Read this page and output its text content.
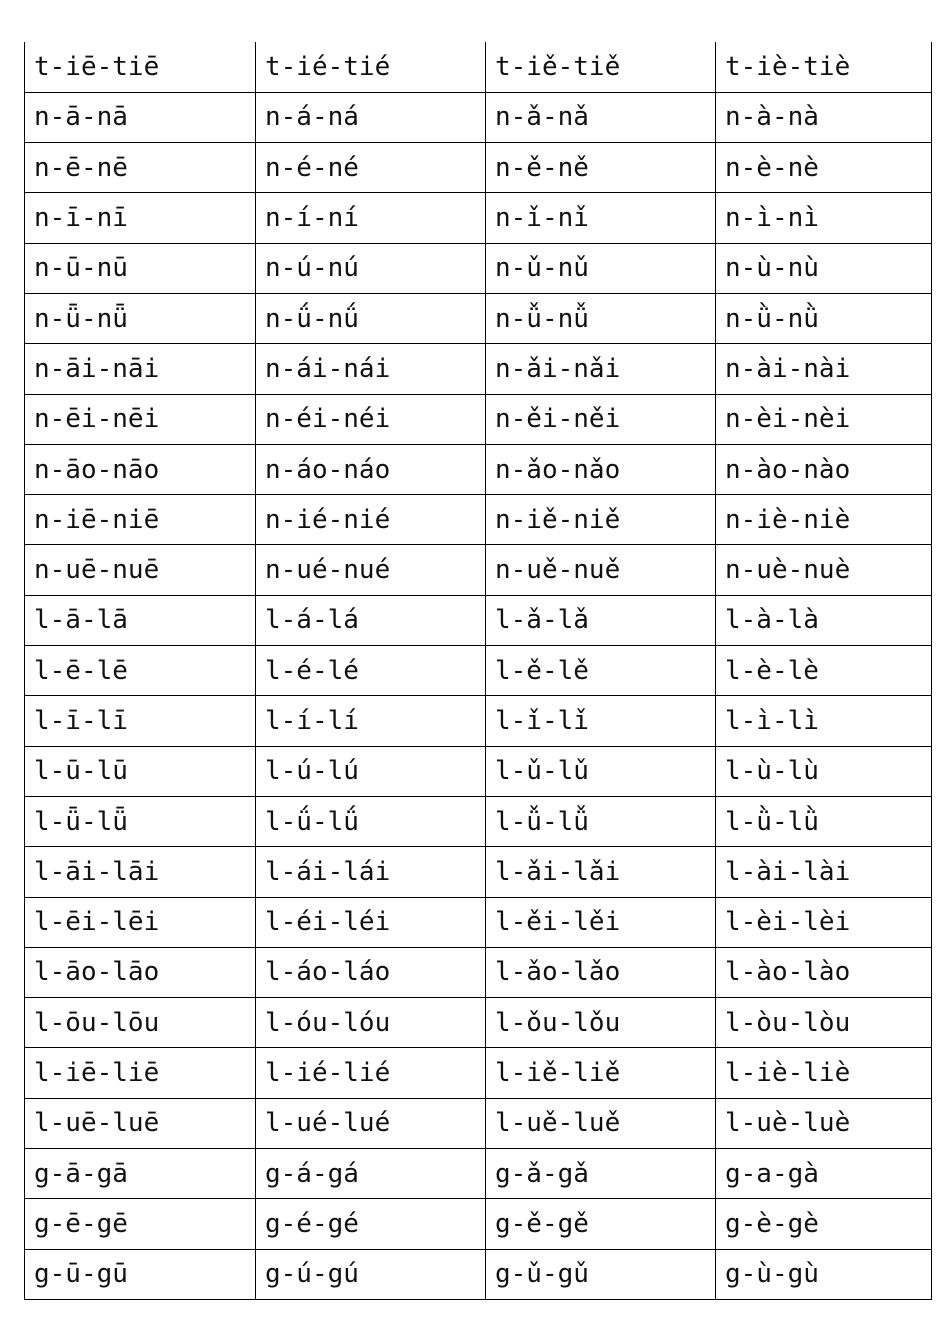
t-iē-tiē	t-ié-tié	t-iě-tiě	t-iè-tiè
n-ā-nā	n-á-ná	n-ǎ-nǎ	n-à-nà
n-ē-nē	n-é-né	n-ě-ně	n-è-nè
n-ī-nī	n-í-ní	n-ǐ-nǐ	n-ì-nì
n-ū-nū	n-ú-nú	n-ǔ-nǔ	n-ù-nù
n-ǖ-nǖ	n-ǘ-nǘ	n-ǚ-nǚ	n-ǜ-nǜ
n-āi-nāi	n-ái-nái	n-ǎi-nǎi	n-ài-nài
n-ēi-nēi	n-éi-néi	n-ěi-něi	n-èi-nèi
n-āo-nāo	n-áo-náo	n-ǎo-nǎo	n-ào-nào
n-iē-niē	n-ié-nié	n-iě-niě	n-iè-niè
n-uē-nuē	n-ué-nué	n-uě-nuě	n-uè-nuè
l-ā-lā	l-á-lá	l-ǎ-lǎ	l-à-là
l-ē-lē	l-é-lé	l-ě-lě	l-è-lè
l-ī-lī	l-í-lí	l-ǐ-lǐ	l-ì-lì
l-ū-lū	l-ú-lú	l-ǔ-lǔ	l-ù-lù
l-ǖ-lǖ	l-ǘ-lǘ	l-ǚ-lǚ	l-ǜ-lǜ
l-āi-lāi	l-ái-lái	l-ǎi-lǎi	l-ài-lài
l-ēi-lēi	l-éi-léi	l-ěi-lěi	l-èi-lèi
l-āo-lāo	l-áo-láo	l-ǎo-lǎo	l-ào-lào
l-ōu-lōu	l-óu-lóu	l-ǒu-lǒu	l-òu-lòu
l-iē-liē	l-ié-lié	l-iě-liě	l-iè-liè
l-uē-luē	l-ué-lué	l-uě-luě	l-uè-luè
g-ā-gā	g-á-gá	g-ǎ-gǎ	g-a-gà
g-ē-gē	g-é-gé	g-ě-gě	g-è-gè
g-ū-gū	g-ú-gú	g-ǔ-gǔ	g-ù-gù
